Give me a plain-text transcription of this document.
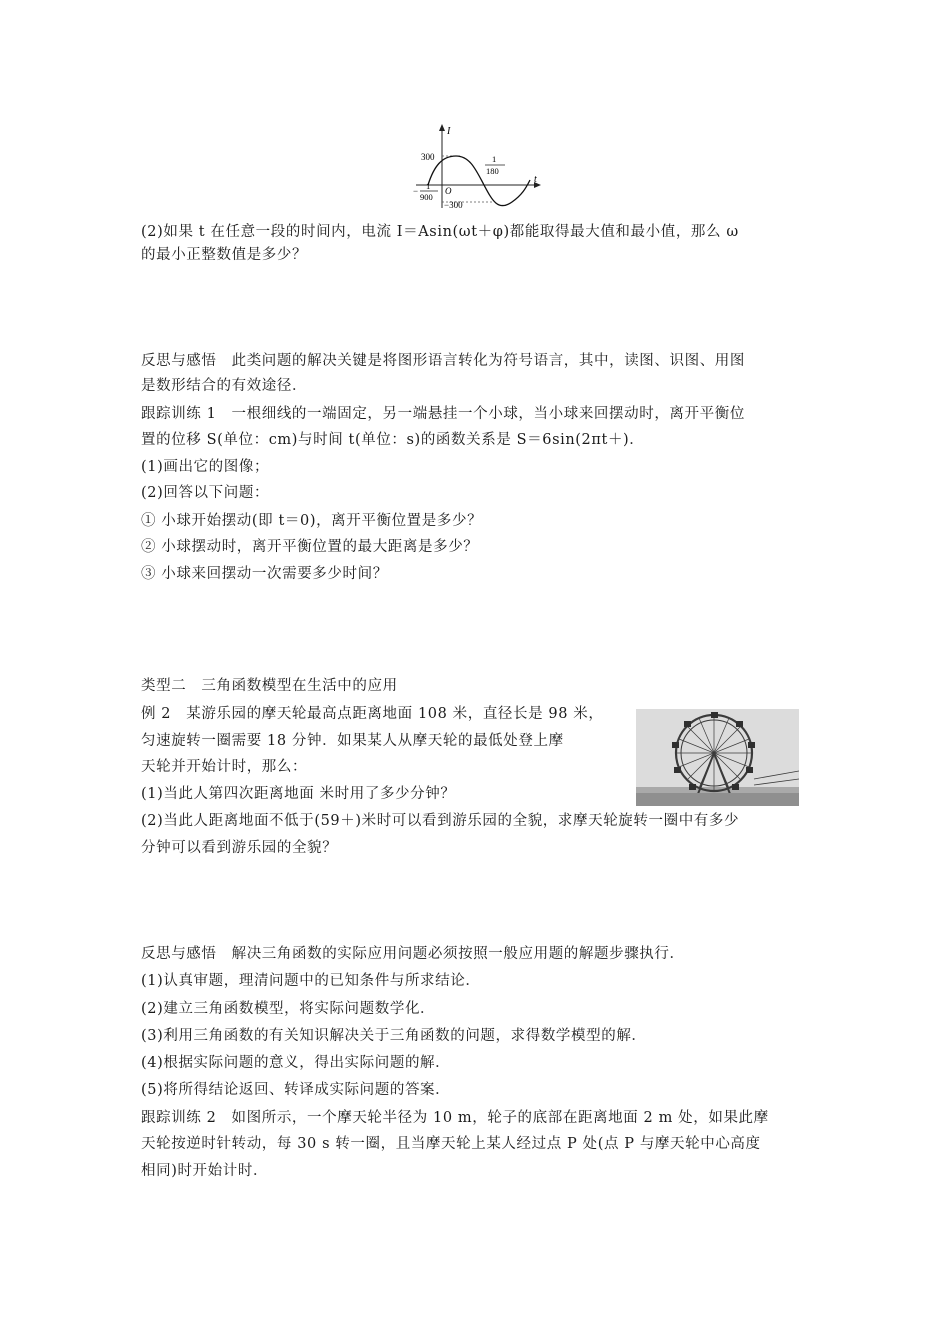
I
t
300
−300
O
− 1
900
1
180
(2)如果 t 在任意一段的时间内，电流 I＝Asin(ωt＋φ)都能取得最大值和最小值，那么 ω
的最小正整数值是多少？
反思与感悟　此类问题的解决关键是将图形语言转化为符号语言，其中，读图、识图、用图
是数形结合的有效途径．
跟踪训练 1　一根细线的一端固定，另一端悬挂一个小球，当小球来回摆动时，离开平衡位
置的位移 S(单位：cm)与时间 t(单位：s)的函数关系是 S＝6sin(2πt＋)．
(1)画出它的图像；
(2)回答以下问题：
① 小球开始摆动(即 t＝0)，离开平衡位置是多少？
② 小球摆动时，离开平衡位置的最大距离是多少？
③ 小球来回摆动一次需要多少时间？
类型二　三角函数模型在生活中的应用
例 2　某游乐园的摩天轮最高点距离地面 108 米，直径长是 98 米，
匀速旋转一圈需要 18 分钟．如果某人从摩天轮的最低处登上摩
天轮并开始计时，那么：
(1)当此人第四次距离地面 米时用了多少分钟？
(2)当此人距离地面不低于(59＋)米时可以看到游乐园的全貌，求摩天轮旋转一圈中有多少
分钟可以看到游乐园的全貌？
反思与感悟　解决三角函数的实际应用问题必须按照一般应用题的解题步骤执行．
(1)认真审题，理清问题中的已知条件与所求结论．
(2)建立三角函数模型，将实际问题数学化．
(3)利用三角函数的有关知识解决关于三角函数的问题，求得数学模型的解．
(4)根据实际问题的意义，得出实际问题的解．
(5)将所得结论返回、转译成实际问题的答案．
跟踪训练 2　如图所示，一个摩天轮半径为 10 m，轮子的底部在距离地面 2 m 处，如果此摩
天轮按逆时针转动，每 30 s 转一圈，且当摩天轮上某人经过点 P 处(点 P 与摩天轮中心高度
相同)时开始计时．
